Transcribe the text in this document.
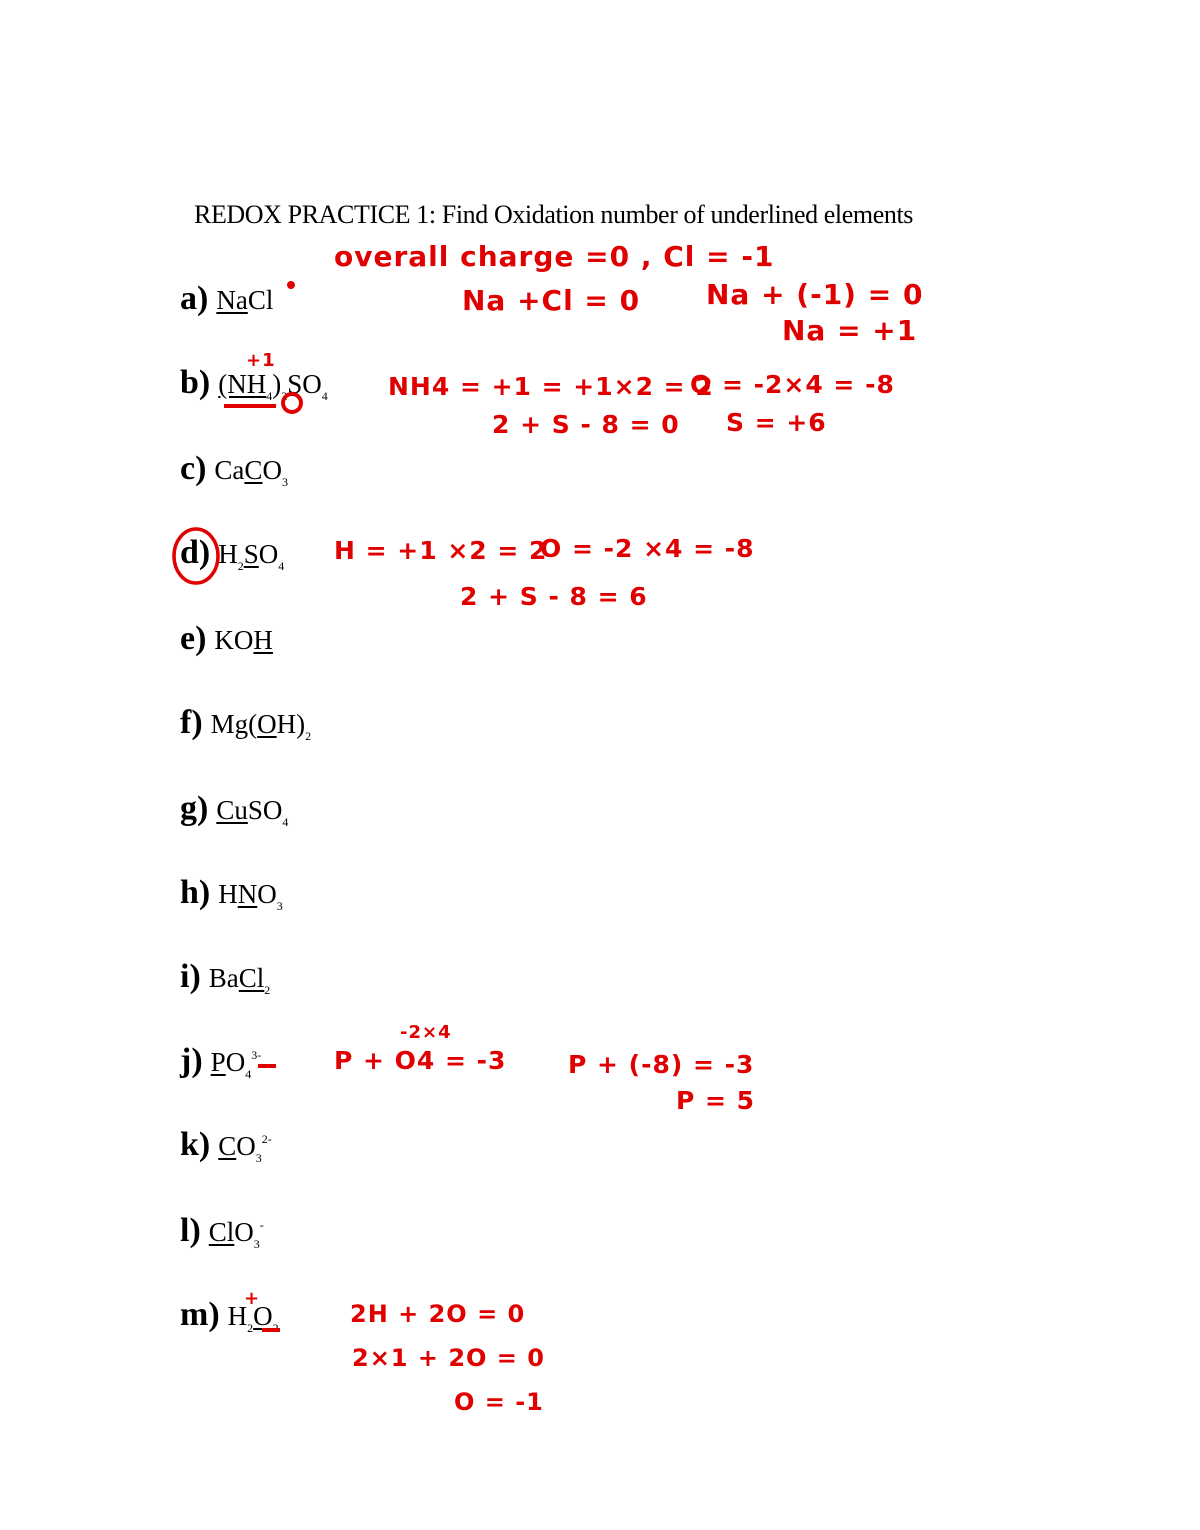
REDOX PRACTICE 1: Find Oxidation number of underlined elements
a) NaCl
b) $(NH_4)_2SO_4$
c) CaCO$_3$
d) $H_2SO_4$
e) KOH
f) $Mg(OH)_2$
g) CuSO$_4$
h) $HNO_3$
i) BaCl$_2$
j) $PO_4^{3-}$
k) $CO_3^{2-}$
l) ClO$_3$-
m) $H_2O_2$
overall charge =0 , Cl = -1
Na +Cl = 0 Na + (-1) = 0
Na = +1
+1
NH4 = +1 = +1×2 = 2
O = -2×4 = -8
2 + S - 8 = 0 S = +6
H = +1 ×2 = 2
O = -2 ×4 = -8
2 + S - 8 = 6
-2×4
P + O4 = -3 P + (-8) = -3
P = 5
+
2H + 2O = 0
2×1 + 2O = 0
O = -1
